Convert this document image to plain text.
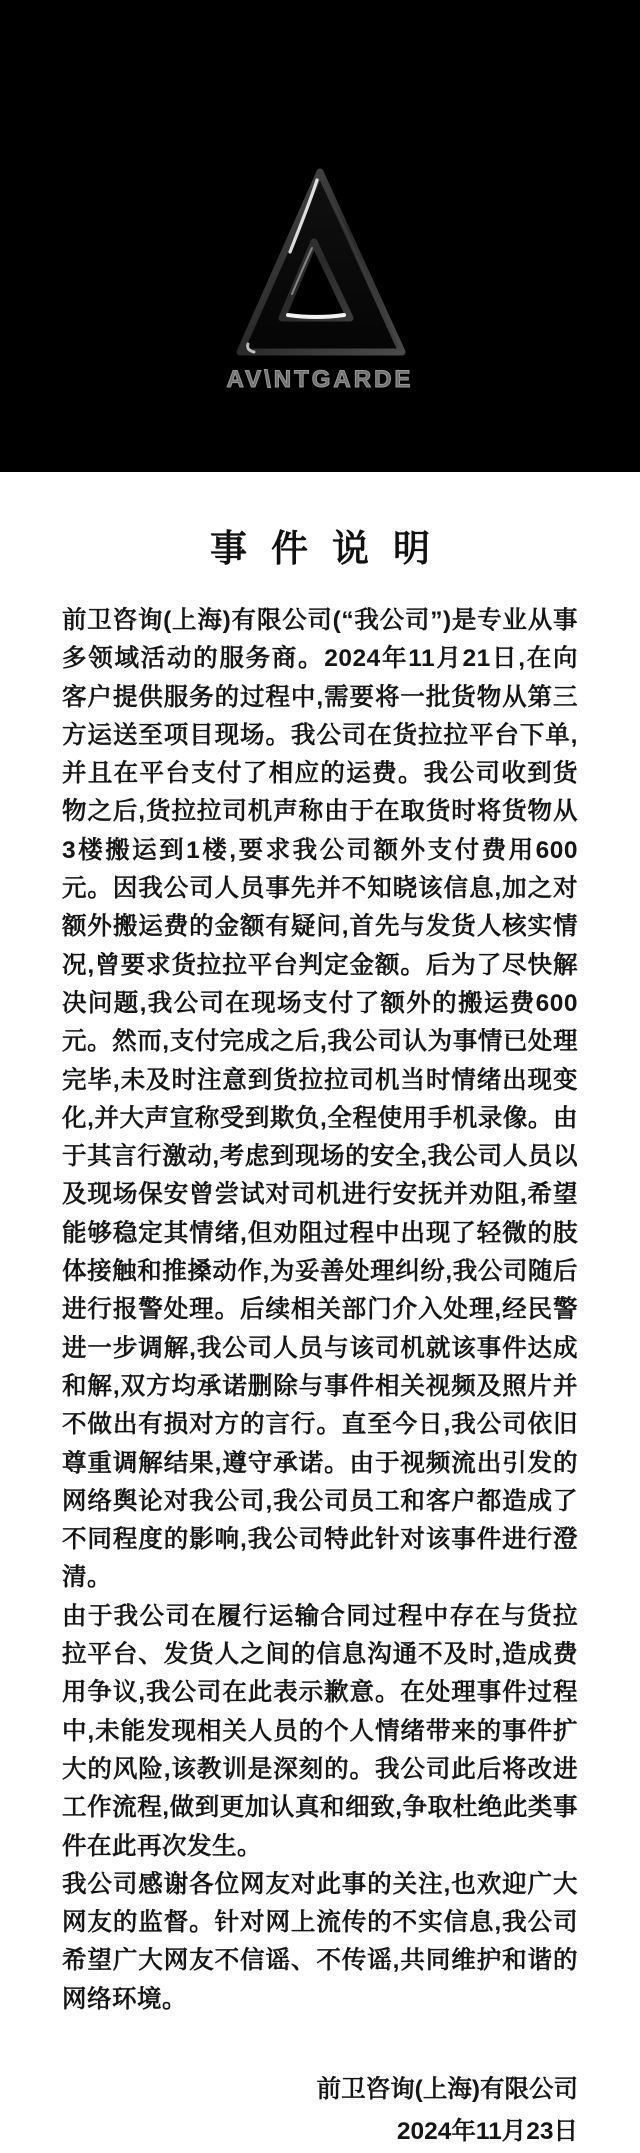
AV\NTGARDE
事件说明

前卫咨询(上海)有限公司(“我公司”)是专业从事多领域活动的服务商。2024年11月21日,在向客户提供服务的过程中,需要将一批货物从第三方运送至项目现场。我公司在货拉拉平台下单,并且在平台支付了相应的运费。我公司收到货物之后,货拉拉司机声称由于在取货时将货物从3楼搬运到1楼,要求我公司额外支付费用600元。因我公司人员事先并不知晓该信息,加之对额外搬运费的金额有疑问,首先与发货人核实情况,曾要求货拉拉平台判定金额。后为了尽快解决问题,我公司在现场支付了额外的搬运费600元。然而,支付完成之后,我公司认为事情已处理完毕,未及时注意到货拉拉司机当时情绪出现变化,并大声宣称受到欺负,全程使用手机录像。由于其言行激动,考虑到现场的安全,我公司人员以及现场保安曾尝试对司机进行安抚并劝阻,希望能够稳定其情绪,但劝阻过程中出现了轻微的肢体接触和推搡动作,为妥善处理纠纷,我公司随后进行报警处理。后续相关部门介入处理,经民警进一步调解,我公司人员与该司机就该事件达成和解,双方均承诺删除与事件相关视频及照片并不做出有损对方的言行。直至今日,我公司依旧尊重调解结果,遵守承诺。由于视频流出引发的网络舆论对我公司,我公司员工和客户都造成了不同程度的影响,我公司特此针对该事件进行澄清。

由于我公司在履行运输合同过程中存在与货拉拉平台、发货人之间的信息沟通不及时,造成费用争议,我公司在此表示歉意。在处理事件过程中,未能发现相关人员的个人情绪带来的事件扩大的风险,该教训是深刻的。我公司此后将改进工作流程,做到更加认真和细致,争取杜绝此类事件在此再次发生。

我公司感谢各位网友对此事的关注,也欢迎广大网友的监督。针对网上流传的不实信息,我公司希望广大网友不信谣、不传谣,共同维护和谐的网络环境。

前卫咨询(上海)有限公司
2024年11月23日
